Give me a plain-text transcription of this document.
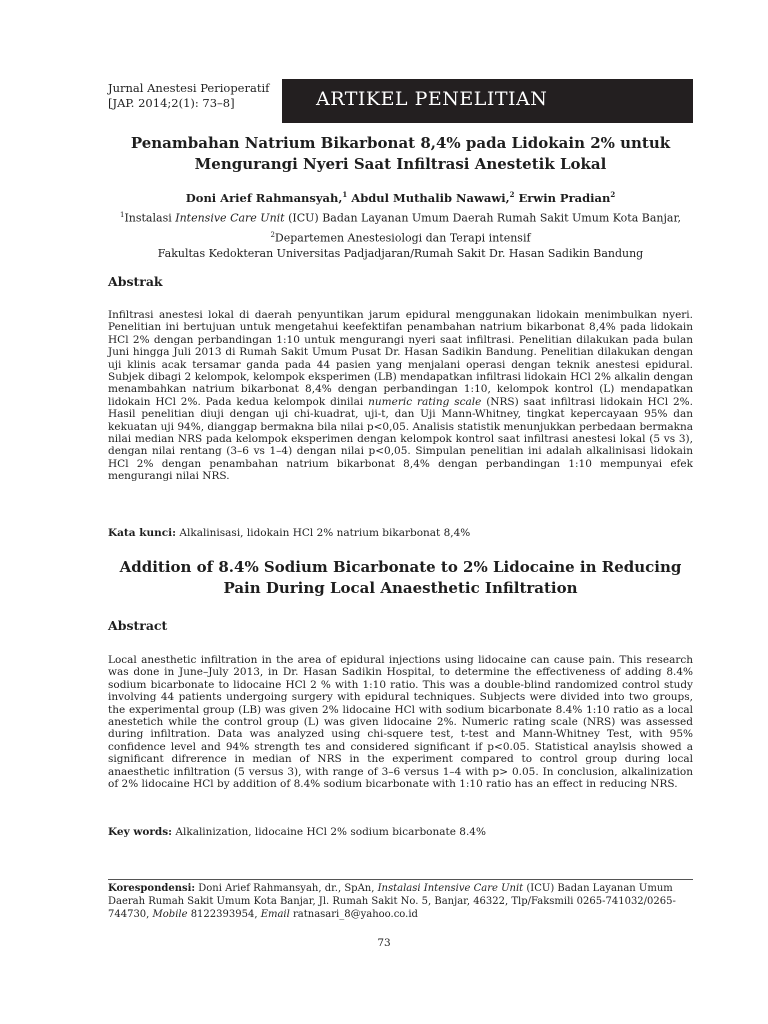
Jurnal Anestesi Perioperatif
[JAP. 2014;2(1): 73–8]	ARTIKEL PENELITIAN
Penambahan Natrium Bikarbonat 8,4% pada Lidokain 2% untuk
Mengurangi Nyeri Saat Infiltrasi Anestetik Lokal
Doni Arief Rahmansyah,$^1$ Abdul Muthalib Nawawi,$^2$ Erwin Pradian$^2$
$^1$Instalasi Intensive Care Unit (ICU) Badan Layanan Umum Daerah Rumah Sakit Umum Kota Banjar,
$^2$Departemen Anestesiologi dan Terapi intensif
Fakultas Kedokteran Universitas Padjadjaran/Rumah Sakit Dr. Hasan Sadikin Bandung
Abstrak

Infiltrasi anestesi lokal di daerah penyuntikan jarum epidural menggunakan lidokain menimbulkan nyeri. Penelitian ini bertujuan untuk mengetahui keefektifan penambahan natrium bikarbonat 8,4% pada lidokain HCl 2% dengan perbandingan 1:10 untuk mengurangi nyeri saat infiltrasi. Penelitian dilakukan pada bulan Juni hingga Juli 2013 di Rumah Sakit Umum Pusat Dr. Hasan Sadikin Bandung. Penelitian dilakukan dengan uji klinis acak tersamar ganda pada 44 pasien yang menjalani operasi dengan teknik anestesi epidural. Subjek dibagi 2 kelompok, kelompok eksperimen (LB) mendapatkan infiltrasi lidokain HCl 2% alkalin dengan menambahkan natrium bikarbonat 8,4% dengan perbandingan 1:10, kelompok kontrol (L) mendapatkan lidokain HCl 2%. Pada kedua kelompok dinilai numeric rating scale (NRS) saat infiltrasi lidokain HCl 2%. Hasil penelitian diuji dengan uji chi-kuadrat, uji-t, dan Uji Mann-Whitney, tingkat kepercayaan 95% dan kekuatan uji 94%, dianggap bermakna bila nilai p<0,05. Analisis statistik menunjukkan perbedaan bermakna nilai median NRS pada kelompok eksperimen dengan kelompok kontrol saat infiltrasi anestesi lokal (5 vs 3), dengan nilai rentang (3–6 vs 1–4) dengan nilai p<0,05. Simpulan penelitian ini adalah alkalinisasi lidokain HCl 2% dengan penambahan natrium bikarbonat 8,4% dengan perbandingan 1:10 mempunyai efek mengurangi nilai NRS.

Kata kunci: Alkalinisasi, lidokain HCl 2% natrium bikarbonat 8,4%
Addition of 8.4% Sodium Bicarbonate to 2% Lidocaine in Reducing
Pain During Local Anaesthetic Infiltration
Abstract

Local anesthetic infiltration in the area of epidural injections using lidocaine can cause pain. This research was done in June–July 2013, in Dr. Hasan Sadikin Hospital, to determine the effectiveness of adding 8.4% sodium bicarbonate to lidocaine HCl 2 % with 1:10 ratio. This was a double-blind randomized control study involving 44 patients undergoing surgery with epidural techniques. Subjects were divided into two groups, the experimental group (LB) was given 2% lidocaine HCl with sodium bicarbonate 8.4% 1:10 ratio as a local anestetich while the control group (L) was given lidocaine 2%. Numeric rating scale (NRS) was assessed during infiltration. Data was analyzed using chi-squere test, t-test and Mann-Whitney Test, with 95% confidence level and 94% strength tes and considered significant if p<0.05. Statistical anaylsis showed a significant difrerence in median of NRS in the experiment compared to control group during local anaesthetic infiltration (5 versus 3), with range of 3–6 versus 1–4 with p> 0.05. In conclusion, alkalinization of 2% lidocaine HCl by addition of 8.4% sodium bicarbonate with 1:10 ratio has an effect in reducing NRS.

Key words: Alkalinization, lidocaine HCl 2% sodium bicarbonate 8.4%
Korespondensi: Doni Arief Rahmansyah, dr., SpAn, Instalasi Intensive Care Unit (ICU) Badan Layanan Umum Daerah Rumah Sakit Umum Kota Banjar, Jl. Rumah Sakit No. 5, Banjar, 46322, Tlp/Faksmili 0265-741032/0265-744730, Mobile 8122393954, Email ratnasari_8@yahoo.co.id
73
